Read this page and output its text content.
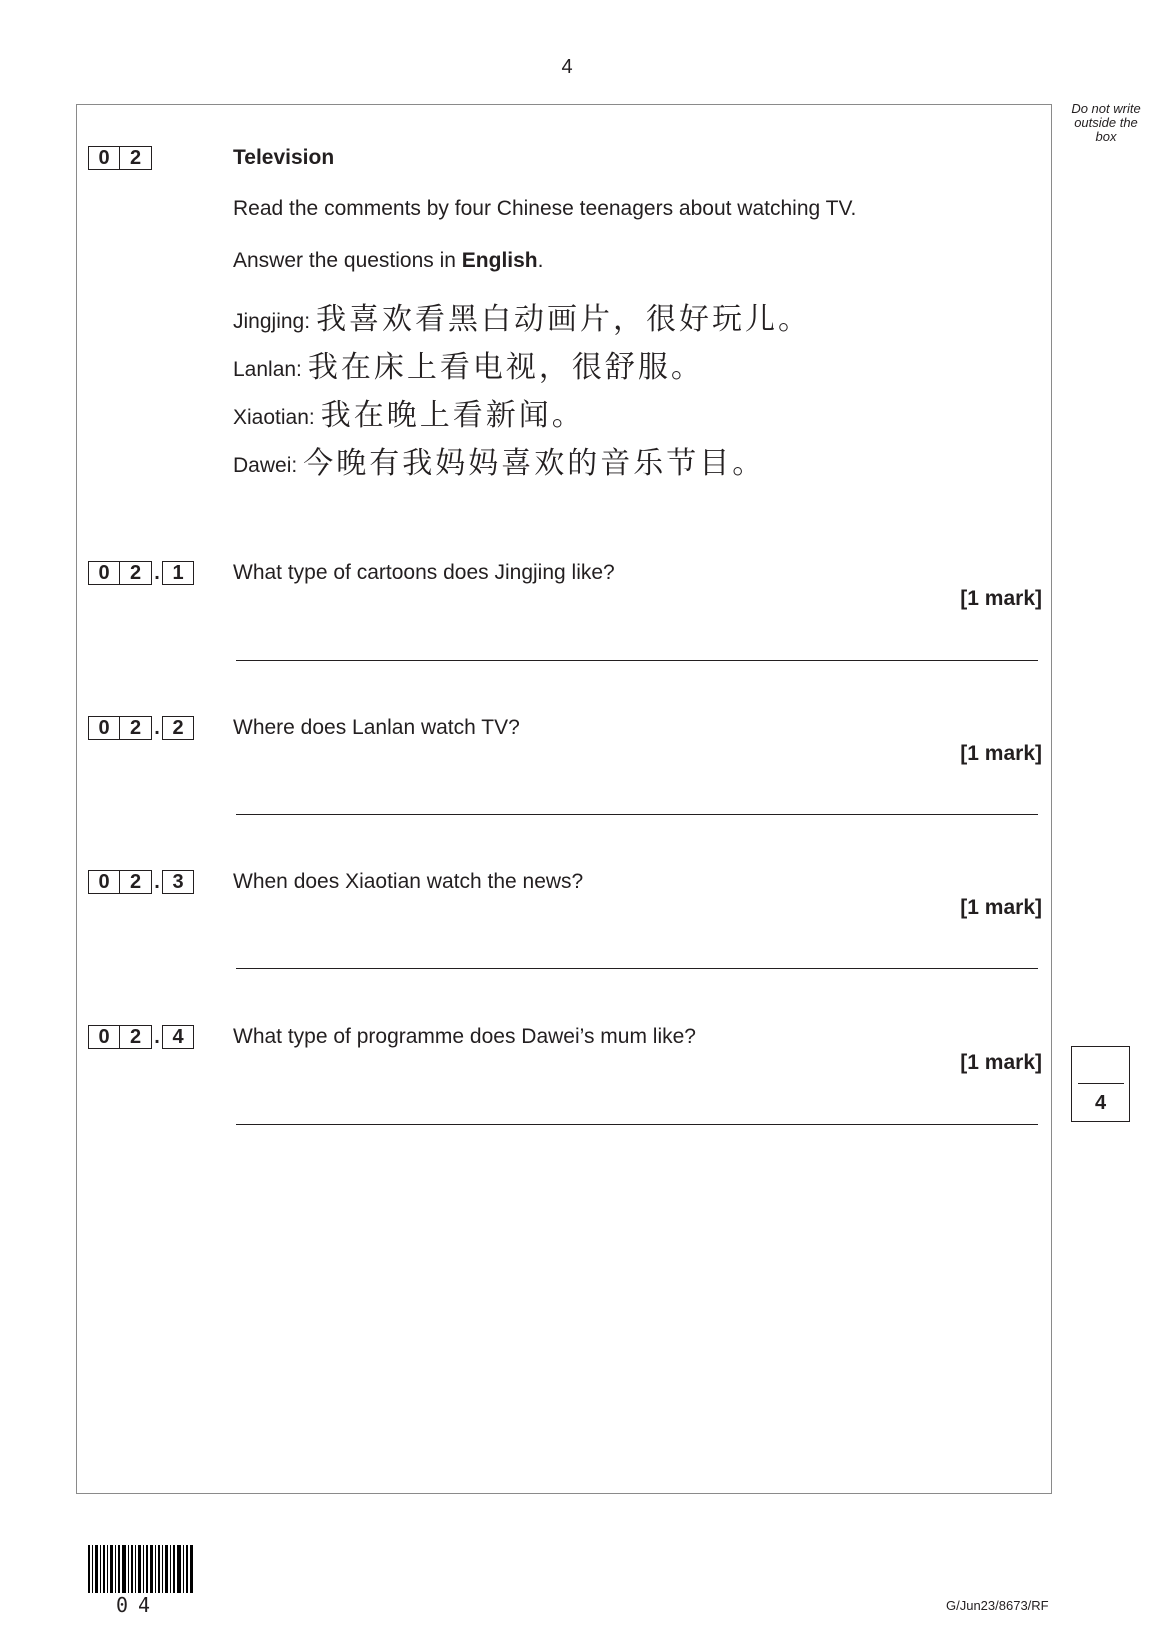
4
Do not write
outside the
box
0	2	Television
Read the comments by four Chinese teenagers about watching TV.
Answer the questions in English.
Jingjing: 我喜欢看黑白动画片，很好玩儿。
Lanlan: 我在床上看电视，很舒服。
Xiaotian: 我在晚上看新闻。
Dawei: 今晚有我妈妈喜欢的音乐节目。
0	2 . 1	What type of cartoons does Jingjing like?
[1 mark]
0	2 . 2	Where does Lanlan watch TV?
[1 mark]
0	2 . 3	When does Xiaotian watch the news?
[1 mark]
0	2 . 4	What type of programme does Dawei’s mum like?
[1 mark]
4
04	G/Jun23/8673/RF
